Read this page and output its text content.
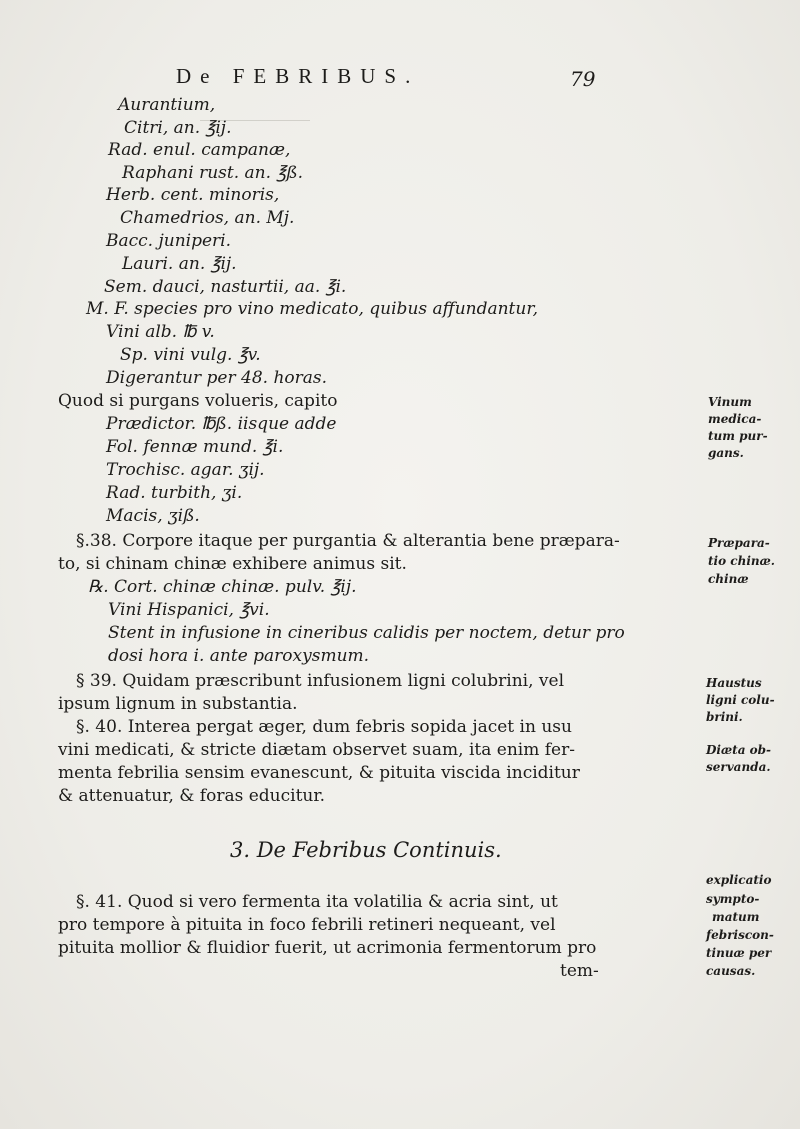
De FEBRIBUS.	79
Aurantium,
Citri, an. ℥ij.
Rad. enul. campanæ,
Raphani rust. an. ℥ß.
Herb. cent. minoris,
Chamedrios, an. Mj.
Bacc. juniperi.
Lauri. an. ℥ij.
Sem. dauci, nasturtii, aa. ℥i.
M. F. species pro vino medicato, quibus affundantur,
Vini alb. ℔ v.
Sp. vini vulg. ℥v.
Digerantur per 48. horas.
Quod si purgans volueris, capito
Prædictor. ℔ß. iisque adde
Fol. fennæ mund. ℥i.
Trochisc. agar. ʒij.
Rad. turbith, ʒi.
Macis, ʒiß.
§.38. Corpore itaque per purgantia & alterantia bene præpara-
to, si chinam chinæ exhibere animus sit.
℞. Cort. chinæ chinæ. pulv. ℥ij.
Vini Hispanici, ℥vi.
Stent in infusione in cineribus calidis per noctem, detur pro
dosi hora i. ante paroxysmum.
§ 39. Quidam præscribunt infusionem ligni colubrini, vel
ipsum lignum in substantia.
§. 40. Interea pergat æger, dum febris sopida jacet in usu
vini medicati, & stricte diætam observet suam, ita enim fer-
menta febrilia sensim evanescunt, & pituita viscida inciditur
& attenuatur, & foras educitur.
3. De Febribus Continuis.
§. 41. Quod si vero fermenta ita volatilia & acria sint, ut
pro tempore à pituita in foco febrili retineri nequeant, vel
pituita mollior & fluidior fuerit, ut acrimonia fermentorum pro
tem-
Vinum
medica-
tum pur-
gans.
Præpara-
tio chinæ.
chinæ
Haustus
ligni colu-
brini.
Diæta ob-
servanda.
explicatio
sympto-
matum
febriscon-
tinuæ per
causas.
